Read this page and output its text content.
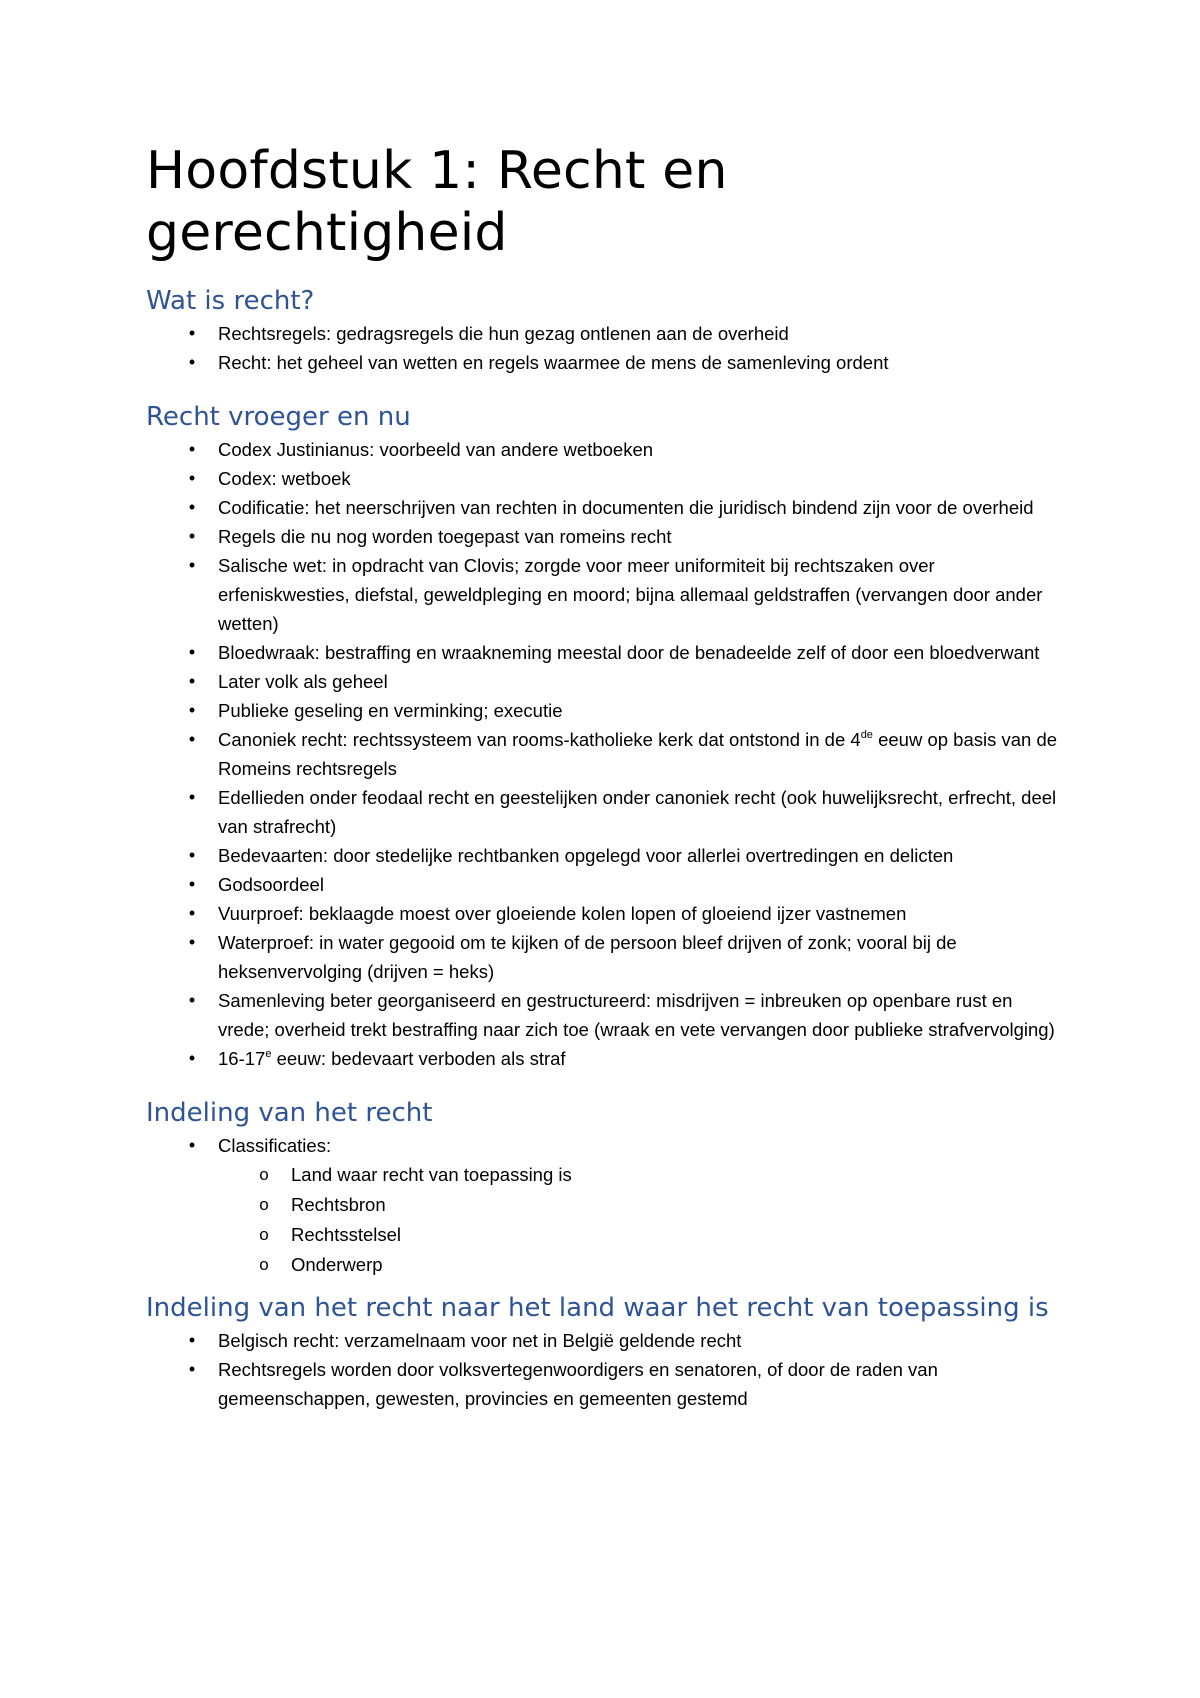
Hoofdstuk 1: Recht en gerechtigheid
Wat is recht?
•	Rechtsregels: gedragsregels die hun gezag ontlenen aan de overheid
•	Recht: het geheel van wetten en regels waarmee de mens de samenleving ordent
Recht vroeger en nu
•	Codex Justinianus: voorbeeld van andere wetboeken
•	Codex: wetboek
•	Codificatie: het neerschrijven van rechten in documenten die juridisch bindend zijn voor de overheid
•	Regels die nu nog worden toegepast van romeins recht
•	Salische wet: in opdracht van Clovis; zorgde voor meer uniformiteit bij rechtszaken over erfeniskwesties, diefstal, geweldpleging en moord; bijna allemaal geldstraffen (vervangen door ander wetten)
•	Bloedwraak: bestraffing en wraakneming meestal door de benadeelde zelf of door een bloedverwant
•	Later volk als geheel
•	Publieke geseling en verminking; executie
•	Canoniek recht: rechtssysteem van rooms-katholieke kerk dat ontstond in de 4de eeuw op basis van de Romeins rechtsregels
•	Edellieden onder feodaal recht en geestelijken onder canoniek recht (ook huwelijksrecht, erfrecht, deel van strafrecht)
•	Bedevaarten: door stedelijke rechtbanken opgelegd voor allerlei overtredingen en delicten
•	Godsoordeel
•	Vuurproef: beklaagde moest over gloeiende kolen lopen of gloeiend ijzer vastnemen
•	Waterproef: in water gegooid om te kijken of de persoon bleef drijven of zonk; vooral bij de heksenvervolging (drijven = heks)
•	Samenleving beter georganiseerd en gestructureerd: misdrijven = inbreuken op openbare rust en vrede; overheid trekt bestraffing naar zich toe (wraak en vete vervangen door publieke strafvervolging)
•	16-17e eeuw: bedevaart verboden als straf
Indeling van het recht
•	Classificaties:
o Land waar recht van toepassing is
o Rechtsbron
o Rechtsstelsel
o Onderwerp
Indeling van het recht naar het land waar het recht van toepassing is
•	Belgisch recht: verzamelnaam voor net in België geldende recht
•	Rechtsregels worden door volksvertegenwoordigers en senatoren, of door de raden van gemeenschappen, gewesten, provincies en gemeenten gestemd
